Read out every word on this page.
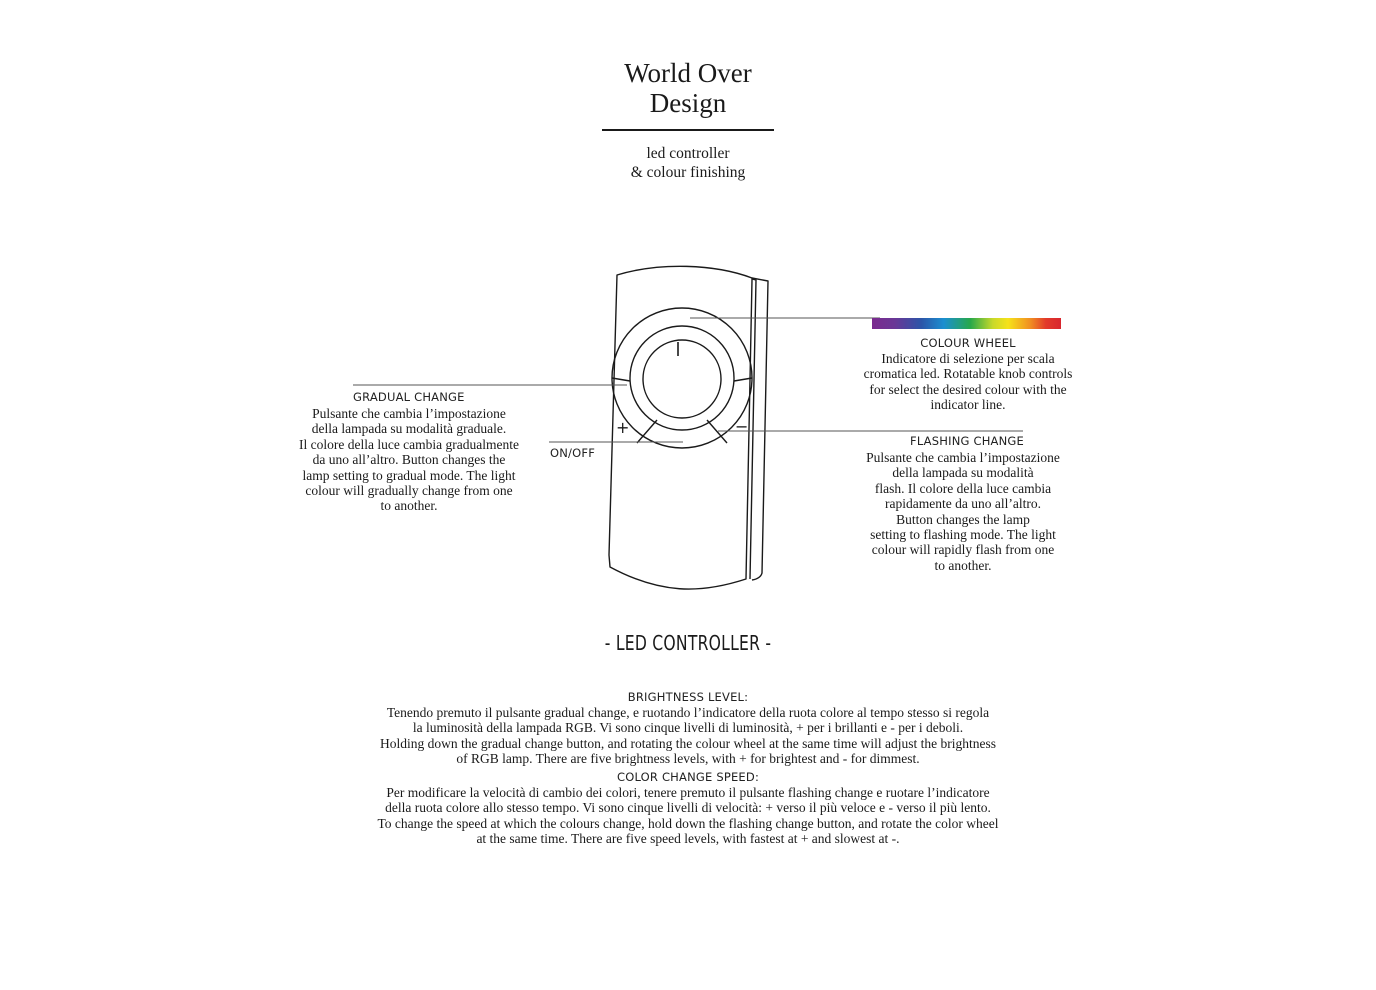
World Over
Design
led controller
& colour finishing
+	−
COLOUR WHEEL

Indicatore di selezione per scala

cromatica led. Rotatable knob controls

for select the desired colour with the

indicator line.

GRADUAL CHANGE

Pulsante che cambia l’impostazione

della lampada su modalità graduale.

Il colore della luce cambia gradualmente

da uno all’altro. Button changes the

lamp setting to gradual mode. The light

colour will gradually change from one

to another.

ON/OFF
FLASHING CHANGE

Pulsante che cambia l’impostazione

della lampada su modalità

flash. Il colore della luce cambia

rapidamente da uno all’altro.

Button changes the lamp

setting to flashing mode. The light

colour will rapidly flash from one

to another.

- LED CONTROLLER -
BRIGHTNESS LEVEL:

Tenendo premuto il pulsante gradual change, e ruotando l’indicatore della ruota colore al tempo stesso si regola

la luminosità della lampada RGB. Vi sono cinque livelli di luminosità, + per i brillanti e - per i deboli.

Holding down the gradual change button, and rotating the colour wheel at the same time will adjust the brightness

of RGB lamp. There are five brightness levels, with + for brightest and - for dimmest.

COLOR CHANGE SPEED:

Per modificare la velocità di cambio dei colori, tenere premuto il pulsante flashing change e ruotare l’indicatore

della ruota colore allo stesso tempo. Vi sono cinque livelli di velocità: + verso il più veloce e - verso il più lento.

To change the speed at which the colours change, hold down the flashing change button, and rotate the color wheel

at the same time. There are five speed levels, with fastest at + and slowest at -.
